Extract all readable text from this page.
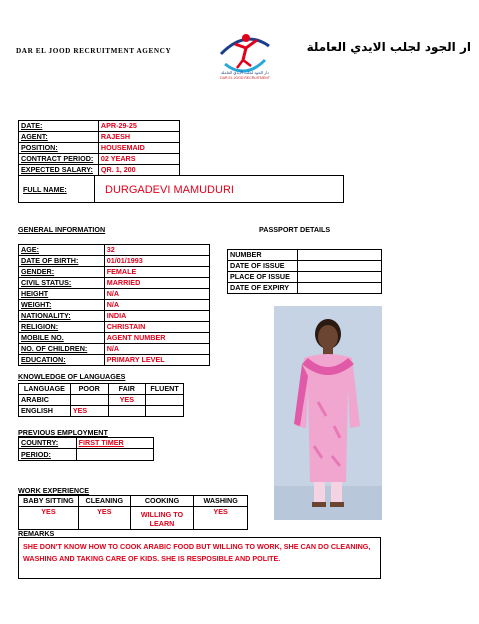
DAR EL JOOD RECRUITMENT AGENCY
دار الجود لجلب الأيدي العاملة
DAR EL JOOD RECRUITMENT
ار الجود لجلب الايدي العاملة
DATE:	APR-29-25
AGENT:	RAJESH
POSITION:	HOUSEMAID
CONTRACT PERIOD:	02 YEARS
EXPECTED SALARY:	QR. 1, 200
FULL NAME:	DURGADEVI MAMUDURI
GENERAL INFORMATION	PASSPORT DETAILS
AGE:	32
DATE OF BIRTH:	01/01/1993
GENDER:	FEMALE
CIVIL STATUS:	MARRIED
HEIGHT	N/A
WEIGHT:	N/A
NATIONALITY:	INDIA
RELIGION:	CHRISTAIN
MOBILE NO.	AGENT NUMBER
NO. OF CHILDREN:	N/A
EDUCATION:	PRIMARY LEVEL
NUMBER	
DATE OF ISSUE	
PLACE OF ISSUE	
DATE OF EXPIRY	
KNOWLEDGE OF LANGUAGES
LANGUAGE	POOR	FAIR	FLUENT
ARABIC		YES	
ENGLISH	YES		
PREVIOUS EMPLOYMENT
COUNTRY:	FIRST TIMER
PERIOD:	
WORK EXPERIENCE
BABY SITTING	CLEANING	COOKING	WASHING
YES	YES	WILLING TO LEARN	YES
REMARKS
SHE DON'T KNOW HOW TO COOK ARABIC FOOD BUT WILLING TO WORK, SHE CAN DO CLEANING, WASHING AND TAKING CARE OF KIDS. SHE IS RESPOSIBLE AND POLITE.
